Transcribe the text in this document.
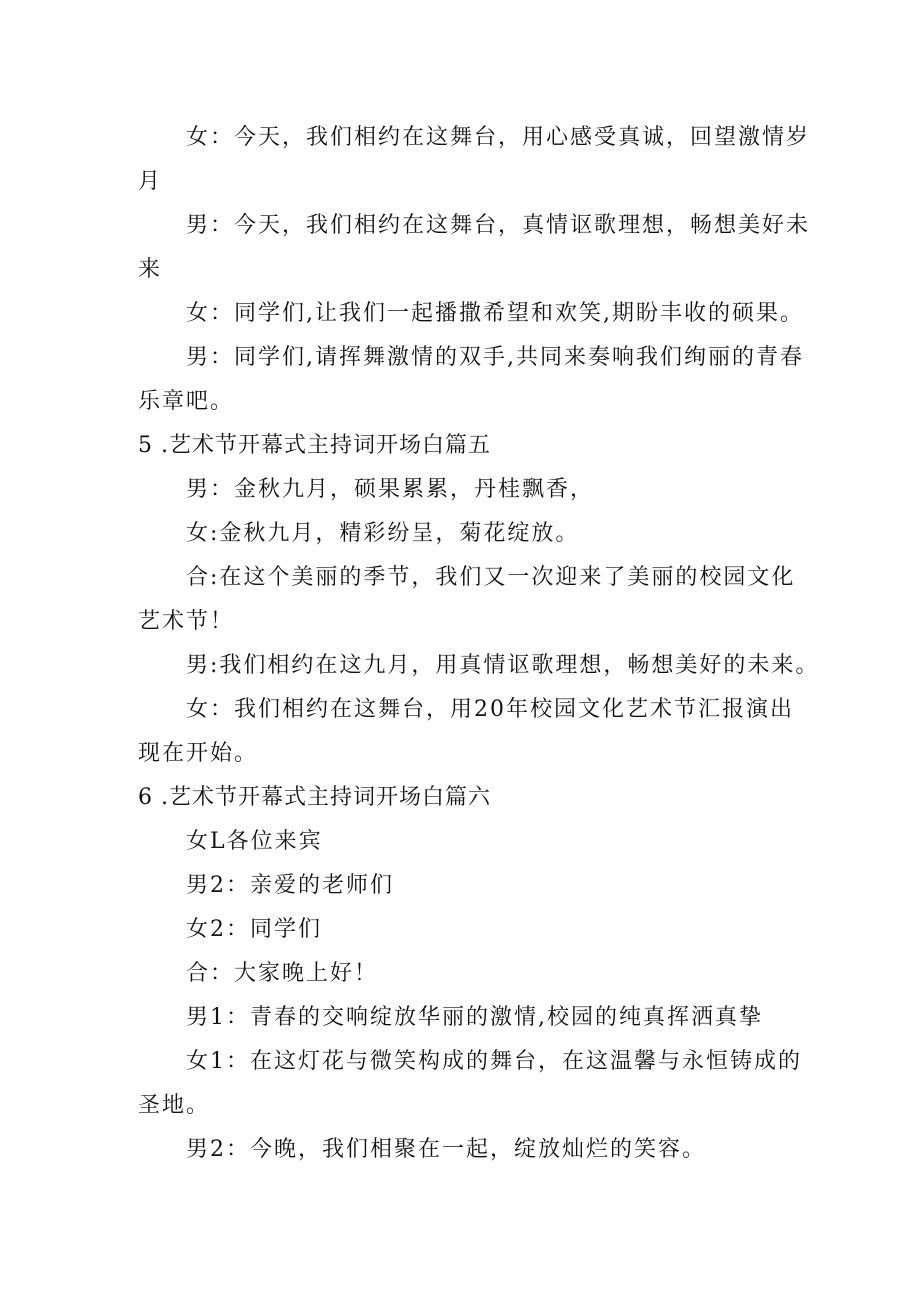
女：今天，我们相约在这舞台，用心感受真诚，回望激情岁

月

男：今天，我们相约在这舞台，真情讴歌理想，畅想美好未

来

女：同学们,让我们一起播撒希望和欢笑,期盼丰收的硕果。

男：同学们,请挥舞激情的双手,共同来奏响我们绚丽的青春

乐章吧。

5 .艺术节开幕式主持词开场白篇五

男：金秋九月，硕果累累，丹桂飘香，

女:金秋九月，精彩纷呈，菊花绽放。

合:在这个美丽的季节，我们又一次迎来了美丽的校园文化

艺术节！

男:我们相约在这九月，用真情讴歌理想，畅想美好的未来。

女：我们相约在这舞台，用20年校园文化艺术节汇报演出

现在开始。

6 .艺术节开幕式主持词开场白篇六

女L各位来宾

男2：亲爱的老师们

女2：同学们

合：大家晚上好！

男1：青春的交响绽放华丽的激情,校园的纯真挥洒真挚

女1：在这灯花与微笑构成的舞台，在这温馨与永恒铸成的

圣地。

男2：今晚，我们相聚在一起，绽放灿烂的笑容。
